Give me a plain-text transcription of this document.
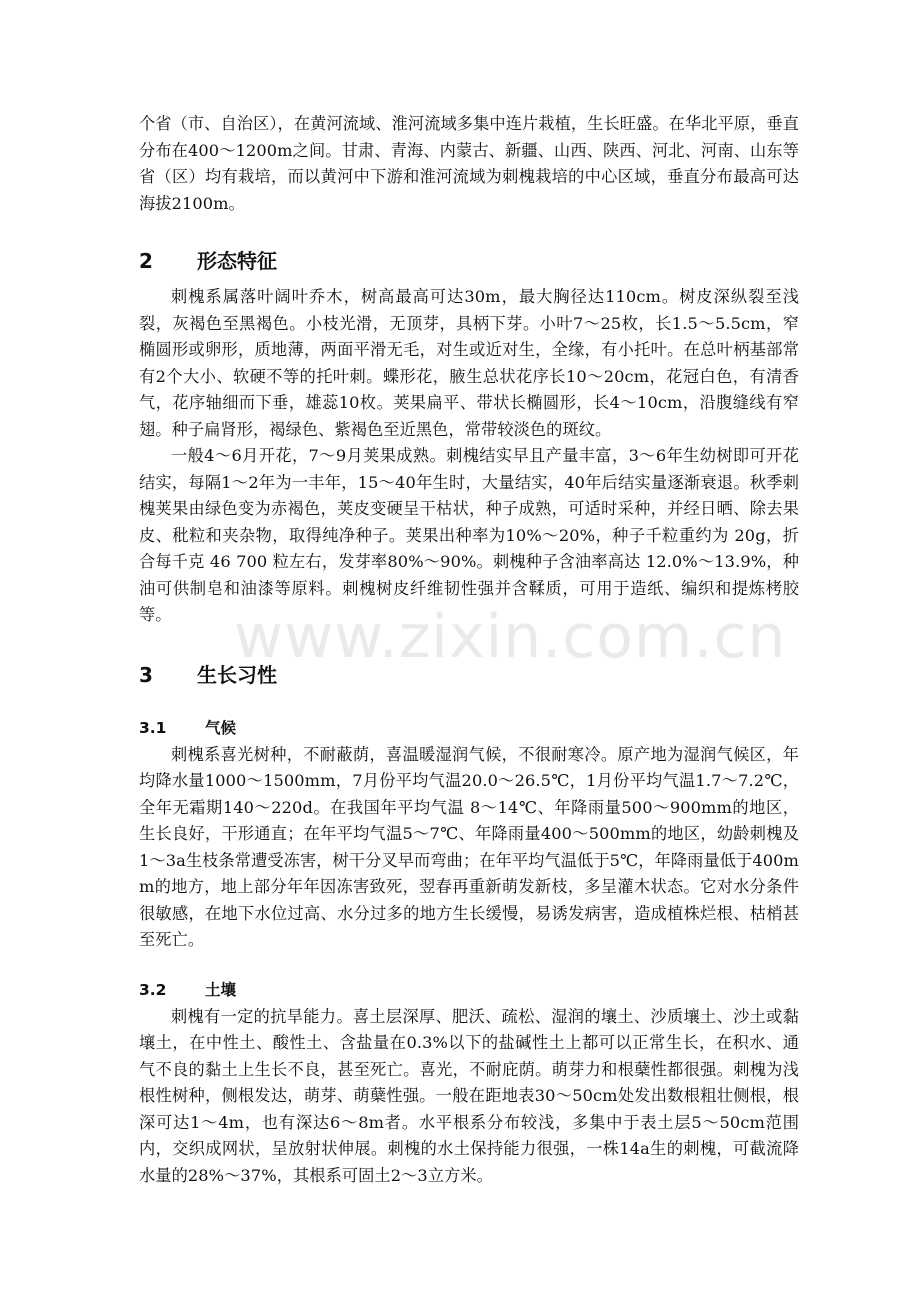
个省（市、自治区），在黄河流域、淮河流域多集中连片栽植，生长旺盛。在华北平原，垂直分布在400～1200m之间。甘肃、青海、内蒙古、新疆、山西、陕西、河北、河南、山东等省（区）均有栽培，而以黄河中下游和淮河流域为刺槐栽培的中心区域，垂直分布最高可达海拔2100m。

2	形态特征

刺槐系属落叶阔叶乔木，树高最高可达30m，最大胸径达110cm。树皮深纵裂至浅裂，灰褐色至黑褐色。小枝光滑，无顶芽，具柄下芽。小叶7～25枚，长1.5～5.5cm，窄椭圆形或卵形，质地薄，两面平滑无毛，对生或近对生，全缘，有小托叶。在总叶柄基部常有2个大小、软硬不等的托叶刺。蝶形花，腋生总状花序长10～20cm，花冠白色，有清香气，花序轴细而下垂，雄蕊10枚。荚果扁平、带状长椭圆形，长4～10cm，沿腹缝线有窄翅。种子扁肾形，褐绿色、紫褐色至近黑色，常带较淡色的斑纹。

一般4～6月开花，7～9月荚果成熟。刺槐结实早且产量丰富，3～6年生幼树即可开花结实，每隔1～2年为一丰年，15～40年生时，大量结实，40年后结实量逐渐衰退。秋季刺槐荚果由绿色变为赤褐色，荚皮变硬呈干枯状，种子成熟，可适时采种，并经日晒、除去果皮、秕粒和夹杂物，取得纯净种子。荚果出种率为10%～20%，种子千粒重约为 20g，折合每千克 46 700 粒左右，发芽率80%～90%。刺槐种子含油率高达 12.0%～13.9%，种油可供制皂和油漆等原料。刺槐树皮纤维韧性强并含鞣质，可用于造纸、编织和提炼栲胶等。

3	生长习性
3.1	气候

刺槐系喜光树种，不耐蔽荫，喜温暖湿润气候，不很耐寒冷。原产地为湿润气候区，年均降水量1000～1500mm，7月份平均气温20.0～26.5℃，1月份平均气温1.7～7.2℃，全年无霜期140～220d。在我国年平均气温 8～14℃、年降雨量500～900mm的地区，生长良好，干形通直；在年平均气温5～7℃、年降雨量400～500mm的地区，幼龄刺槐及1～3a生枝条常遭受冻害，树干分叉早而弯曲；在年平均气温低于5℃，年降雨量低于400mm的地方，地上部分年年因冻害致死，翌春再重新萌发新枝，多呈灌木状态。它对水分条件很敏感，在地下水位过高、水分过多的地方生长缓慢，易诱发病害，造成植株烂根、枯梢甚至死亡。

3.2	土壤

刺槐有一定的抗旱能力。喜土层深厚、肥沃、疏松、湿润的壤土、沙质壤土、沙土或黏壤土，在中性土、酸性土、含盐量在0.3%以下的盐碱性土上都可以正常生长，在积水、通气不良的黏土上生长不良，甚至死亡。喜光，不耐庇荫。萌芽力和根蘖性都很强。刺槐为浅根性树种，侧根发达，萌芽、萌蘖性强。一般在距地表30～50cm处发出数根粗壮侧根，根深可达1～4m，也有深达6～8m者。水平根系分布较浅，多集中于表土层5～50cm范围内，交织成网状，呈放射状伸展。刺槐的水土保持能力很强，一株14a生的刺槐，可截流降水量的28%～37%，其根系可固土2～3立方米。

www.zixin.com.cn
